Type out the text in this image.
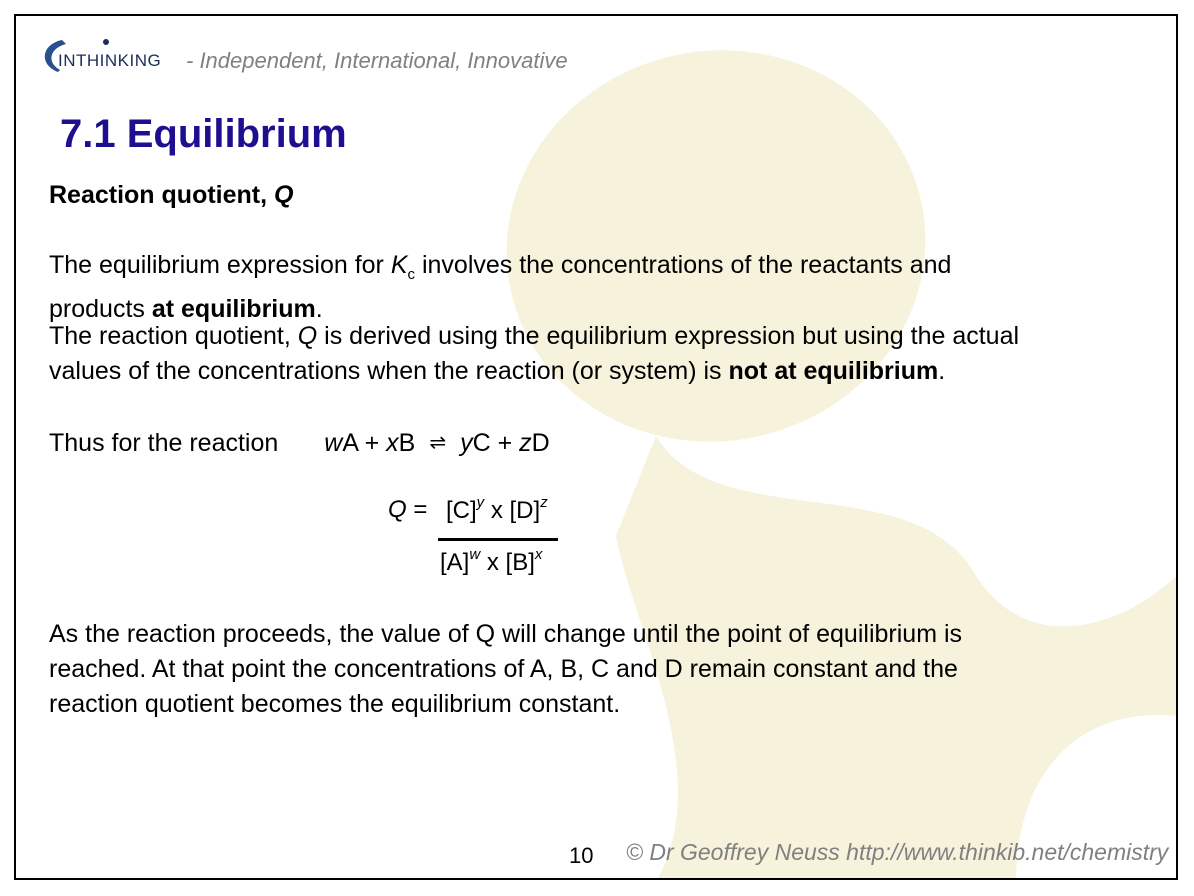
INTHINKING - Independent, International, Innovative
7.1 Equilibrium
Reaction quotient, Q
The equilibrium expression for $K_c$ involves the concentrations of the reactants and
products at equilibrium.
The reaction quotient, Q is derived using the equilibrium expression but using the actual
values of the concentrations when the reaction (or system) is not at equilibrium.
Thus for the reaction wA + xB ⇌ yC + zD
$Q = [C]^y$ x $[D]^z$
$[A]^w$ x $[B]^x$
As the reaction proceeds, the value of Q will change until the point of equilibrium is
reached. At that point the concentrations of A, B, C and D remain constant and the
reaction quotient becomes the equilibrium constant.
10 © Dr Geoffrey Neuss http://www.thinkib.net/chemistry
